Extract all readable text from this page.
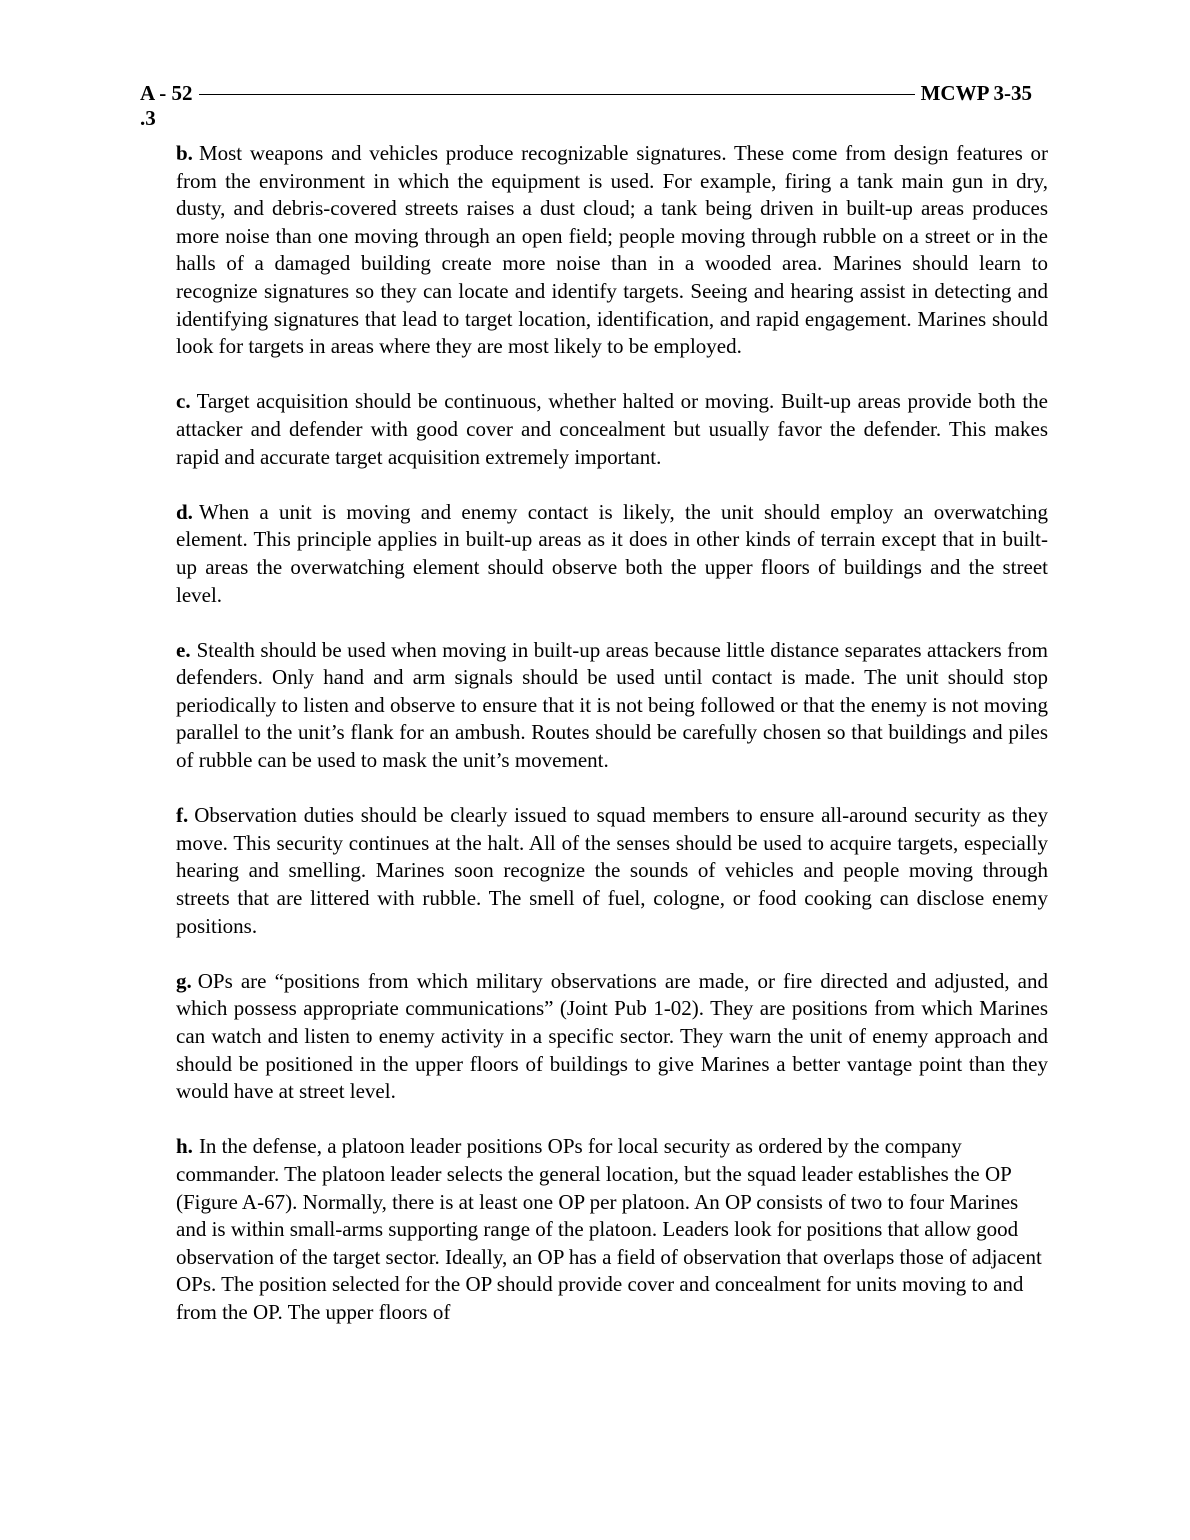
A - 52	MCWP 3-35
.3

b. Most weapons and vehicles produce recognizable signatures. These come from design features or from the environment in which the equipment is used. For example, firing a tank main gun in dry, dusty, and debris-covered streets raises a dust cloud; a tank being driven in built-up areas produces more noise than one moving through an open field; people moving through rubble on a street or in the halls of a damaged building create more noise than in a wooded area. Marines should learn to recognize signatures so they can locate and identify targets. Seeing and hearing assist in detecting and identifying signatures that lead to target location, identification, and rapid engagement. Marines should look for targets in areas where they are most likely to be employed.

c. Target acquisition should be continuous, whether halted or moving. Built-up areas provide both the attacker and defender with good cover and concealment but usually favor the defender. This makes rapid and accurate target acquisition extremely important.

d. When a unit is moving and enemy contact is likely, the unit should employ an overwatching element. This principle applies in built-up areas as it does in other kinds of terrain except that in built-up areas the overwatching element should observe both the upper floors of buildings and the street level.

e. Stealth should be used when moving in built-up areas because little distance separates attackers from defenders. Only hand and arm signals should be used until contact is made. The unit should stop periodically to listen and observe to ensure that it is not being followed or that the enemy is not moving parallel to the unit’s flank for an ambush. Routes should be carefully chosen so that buildings and piles of rubble can be used to mask the unit’s movement.

f. Observation duties should be clearly issued to squad members to ensure all-around security as they move. This security continues at the halt. All of the senses should be used to acquire targets, especially hearing and smelling. Marines soon recognize the sounds of vehicles and people moving through streets that are littered with rubble. The smell of fuel, cologne, or food cooking can disclose enemy positions.

g. OPs are “positions from which military observations are made, or fire directed and adjusted, and which possess appropriate communications” (Joint Pub 1-02). They are positions from which Marines can watch and listen to enemy activity in a specific sector. They warn the unit of enemy approach and should be positioned in the upper floors of buildings to give Marines a better vantage point than they would have at street level.

h. In the defense, a platoon leader positions OPs for local security as ordered by the company commander. The platoon leader selects the general location, but the squad leader establishes the OP (Figure A-67). Normally, there is at least one OP per platoon. An OP consists of two to four Marines and is within small-arms supporting range of the platoon. Leaders look for positions that allow good observation of the target sector. Ideally, an OP has a field of observation that overlaps those of adjacent OPs. The position selected for the OP should provide cover and concealment for units moving to and from the OP. The upper floors of
